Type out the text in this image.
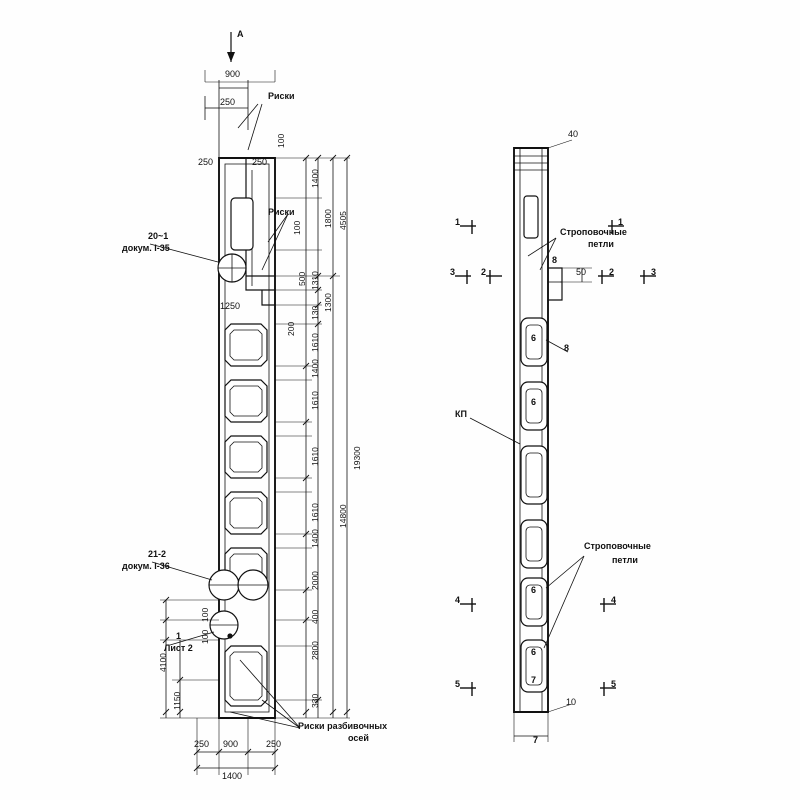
A
900
250
250	250
Риски
Риски
100
100
20~1
докум. I-35
21-2
докум. I-36
1
Лист 2
1250
200
1400
1800
1310
500
1300
130
1610
1610
1400
1610
1610
1400
2000
400
2800
330
4505
14800
19300
4100
100
100
1150
250 900	250
1400
Риски разбивочных
осей
40
10
50
1
3	2
4
5
1
2	3
4
5
7
Строповочные
петли
Строповочные
петли
КП
8
8
6
6
6
6
7
